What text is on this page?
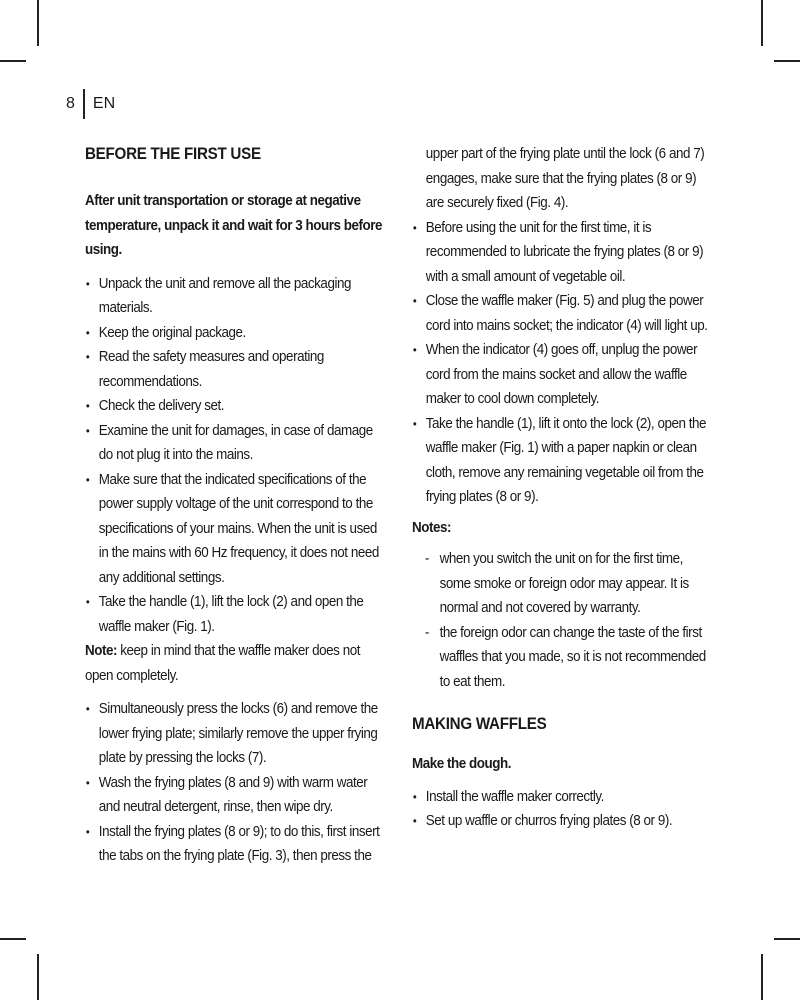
8	EN
BEFORE THE FIRST USE

After unit transportation or storage at negative temperature, unpack it and wait for 3 hours before using.

• Unpack the unit and remove all the packaging materials.
• Keep the original package.
• Read the safety measures and operating recommendations.
• Check the delivery set.
• Examine the unit for damages, in case of damage do not plug it into the mains.
• Make sure that the indicated specifications of the power supply voltage of the unit correspond to the specifications of your mains. When the unit is used in the mains with 60 Hz frequency, it does not need any additional settings.
• Take the handle (1), lift the lock (2) and open the waffle maker (Fig. 1).

Note: keep in mind that the waffle maker does not open completely.

• Simultaneously press the locks (6) and remove the lower frying plate; similarly remove the upper frying plate by pressing the locks (7).
• Wash the frying plates (8 and 9) with warm water and neutral detergent, rinse, then wipe dry.
• Install the frying plates (8 or 9); to do this, first insert the tabs on the frying plate (Fig. 3), then press the
upper part of the frying plate until the lock (6 and 7) engages, make sure that the frying plates (8 or 9) are securely fixed (Fig. 4).
• Before using the unit for the first time, it is recommended to lubricate the frying plates (8 or 9) with a small amount of vegetable oil.
• Close the waffle maker (Fig. 5) and plug the power cord into mains socket; the indicator (4) will light up.
• When the indicator (4) goes off, unplug the power cord from the mains socket and allow the waffle maker to cool down completely.
• Take the handle (1), lift it onto the lock (2), open the waffle maker (Fig. 1) with a paper napkin or clean cloth, remove any remaining vegetable oil from the frying plates (8 or 9).

Notes:

- when you switch the unit on for the first time, some smoke or foreign odor may appear. It is normal and not covered by warranty.
- the foreign odor can change the taste of the first waffles that you made, so it is not recommended to eat them.
MAKING WAFFLES

Make the dough.

• Install the waffle maker correctly.
• Set up waffle or churros frying plates (8 or 9).
